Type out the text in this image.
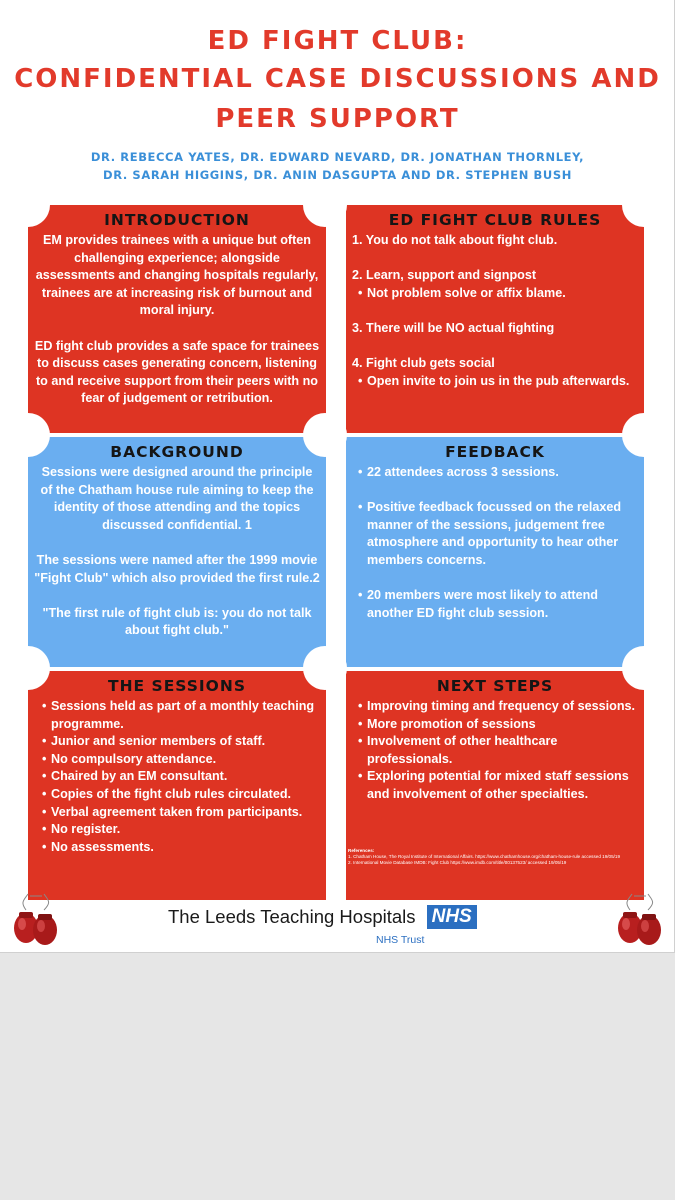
ED FIGHT CLUB:
CONFIDENTIAL CASE DISCUSSIONS AND
PEER SUPPORT
DR. REBECCA YATES, DR. EDWARD NEVARD, DR. JONATHAN THORNLEY,
DR. SARAH HIGGINS, DR. ANIN DASGUPTA AND DR. STEPHEN BUSH
INTRODUCTION
EM provides trainees with a unique but often challenging experience; alongside assessments and changing hospitals regularly, trainees are at increasing risk of burnout and moral injury.
ED fight club provides a safe space for trainees to discuss cases generating concern, listening to and receive support from their peers with no fear of judgement or retribution.
ED FIGHT CLUB RULES
1. You do not talk about fight club.
2. Learn, support and signpost
• Not problem solve or affix blame.
3. There will be NO actual fighting
4. Fight club gets social
• Open invite to join us in the pub afterwards.
BACKGROUND
Sessions were designed around the principle of the Chatham house rule aiming to keep the identity of those attending and the topics discussed confidential. 1
The sessions were named after the 1999 movie "Fight Club" which also provided the first rule.2
"The first rule of fight club is: you do not talk about fight club."
FEEDBACK
• 22 attendees across 3 sessions.
• Positive feedback focussed on the relaxed manner of the sessions, judgement free atmosphere and opportunity to hear other members concerns.
• 20 members were most likely to attend another ED fight club session.
THE SESSIONS
• Sessions held as part of a monthly teaching programme.
• Junior and senior members of staff.
• No compulsory attendance.
• Chaired by an EM consultant.
• Copies of the fight club rules circulated.
• Verbal agreement taken from participants.
• No register.
• No assessments.
NEXT STEPS
• Improving timing and frequency of sessions.
• More promotion of sessions
• Involvement of other healthcare professionals.
• Exploring potential for mixed staff sessions and involvement of other specialties.
References:
1. Chatham House, The Royal Institute of International Affairs. https://www.chathamhouse.org/chatham-house-rule accessed 19/05/19
2. International Movie Database IMDB: Fight Club https://www.imdb.com/title/tt0137523/ accessed 19/05/19
The Leeds Teaching Hospitals NHS
NHS Trust
